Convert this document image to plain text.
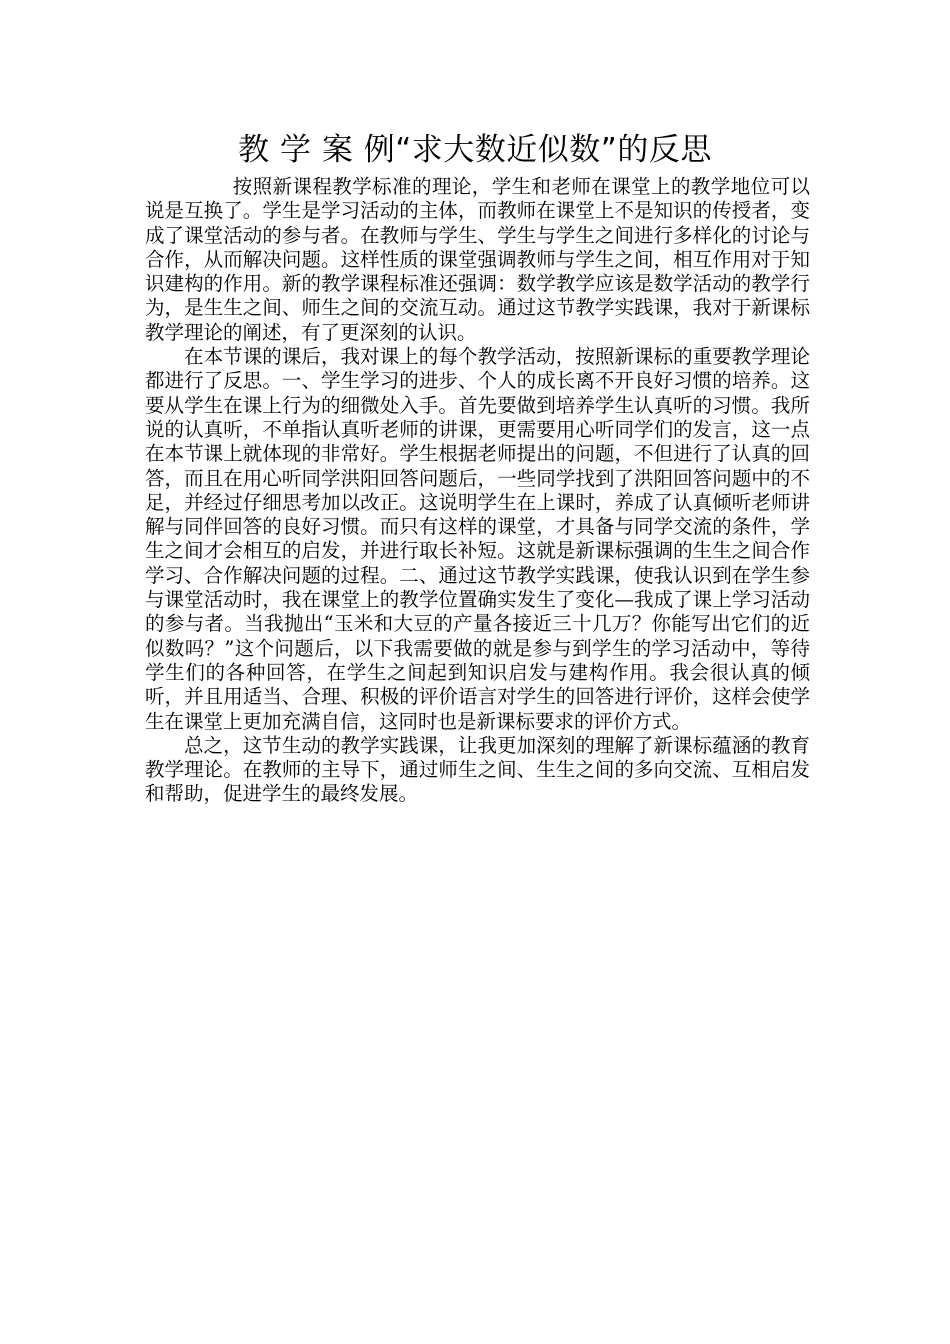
教 学 案 例“求大数近似数”的反思

按照新课程教学标准的理论，学生和老师在课堂上的教学地位可以说是互换了。学生是学习活动的主体，而教师在课堂上不是知识的传授者，变成了课堂活动的参与者。在教师与学生、学生与学生之间进行多样化的讨论与合作，从而解决问题。这样性质的课堂强调教师与学生之间，相互作用对于知识建构的作用。新的教学课程标准还强调：数学教学应该是数学活动的教学行为，是生生之间、师生之间的交流互动。通过这节教学实践课，我对于新课标教学理论的阐述，有了更深刻的认识。

在本节课的课后，我对课上的每个教学活动，按照新课标的重要教学理论都进行了反思。一、学生学习的进步、个人的成长离不开良好习惯的培养。这要从学生在课上行为的细微处入手。首先要做到培养学生认真听的习惯。我所说的认真听，不单指认真听老师的讲课，更需要用心听同学们的发言，这一点在本节课上就体现的非常好。学生根据老师提出的问题，不但进行了认真的回答，而且在用心听同学洪阳回答问题后，一些同学找到了洪阳回答问题中的不足，并经过仔细思考加以改正。这说明学生在上课时，养成了认真倾听老师讲解与同伴回答的良好习惯。而只有这样的课堂，才具备与同学交流的条件，学生之间才会相互的启发，并进行取长补短。这就是新课标强调的生生之间合作学习、合作解决问题的过程。二、通过这节教学实践课，使我认识到在学生参与课堂活动时，我在课堂上的教学位置确实发生了变化—我成了课上学习活动的参与者。当我抛出“玉米和大豆的产量各接近三十几万？你能写出它们的近似数吗？”这个问题后，以下我需要做的就是参与到学生的学习活动中，等待学生们的各种回答，在学生之间起到知识启发与建构作用。我会很认真的倾听，并且用适当、合理、积极的评价语言对学生的回答进行评价，这样会使学生在课堂上更加充满自信，这同时也是新课标要求的评价方式。

总之，这节生动的教学实践课，让我更加深刻的理解了新课标蕴涵的教育教学理论。在教师的主导下，通过师生之间、生生之间的多向交流、互相启发和帮助，促进学生的最终发展。
